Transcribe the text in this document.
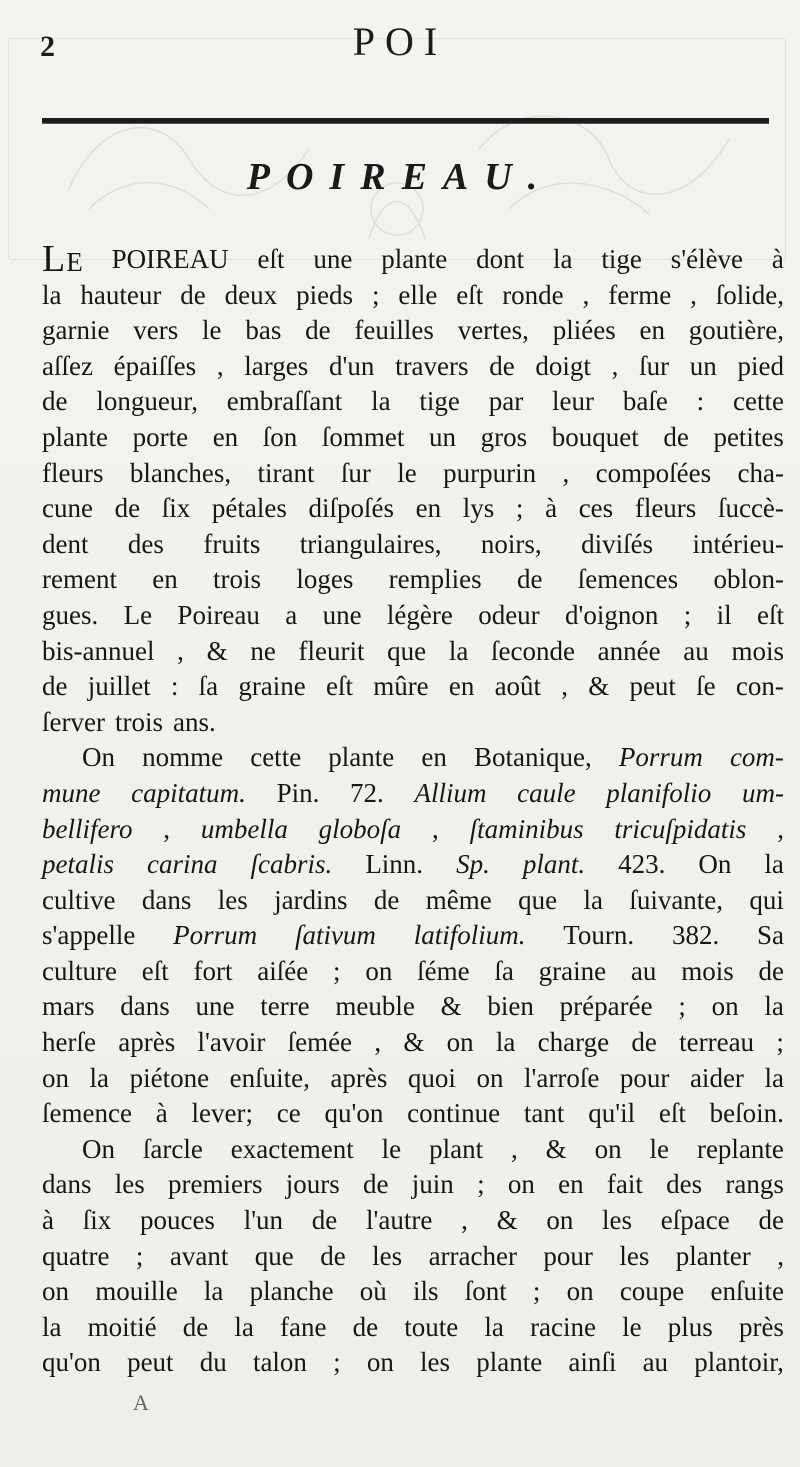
2	POI
POIREAU.
LE POIREAU eſt une plante dont la tige s'élève à
la hauteur de deux pieds ; elle eſt ronde , ferme , ſolide,
garnie vers le bas de feuilles vertes, pliées en goutière,
aſſez épaiſſes , larges d'un travers de doigt , ſur un pied
de longueur, embraſſant la tige par leur baſe : cette
plante porte en ſon ſommet un gros bouquet de petites
fleurs blanches, tirant ſur le purpurin , compoſées cha-
cune de ſix pétales diſpoſés en lys ; à ces fleurs ſuccè-
dent des fruits triangulaires, noirs, diviſés intérieu-
rement en trois loges remplies de ſemences oblon-
gues. Le Poireau a une légère odeur d'oignon ; il eſt
bis-annuel , & ne fleurit que la ſeconde année au mois
de juillet : ſa graine eſt mûre en août , & peut ſe con-
ſerver trois ans.
On nomme cette plante en Botanique, Porrum com-
mune capitatum. Pin. 72. Allium caule planifolio um-
bellifero , umbella globoſa , ſtaminibus tricuſpidatis ,
petalis carina ſcabris. Linn. Sp. plant. 423. On la
cultive dans les jardins de même que la ſuivante, qui
s'appelle Porrum ſativum latifolium. Tourn. 382. Sa
culture eſt fort aiſée ; on ſéme ſa graine au mois de
mars dans une terre meuble & bien préparée ; on la
herſe après l'avoir ſemée , & on la charge de terreau ;
on la piétone enſuite, après quoi on l'arroſe pour aider la
ſemence à lever; ce qu'on continue tant qu'il eſt beſoin.
On ſarcle exactement le plant , & on le replante
dans les premiers jours de juin ; on en fait des rangs
à ſix pouces l'un de l'autre , & on les eſpace de
quatre ; avant que de les arracher pour les planter ,
on mouille la planche où ils ſont ; on coupe enſuite
la moitié de la fane de toute la racine le plus près
qu'on peut du talon ; on les plante ainſi au plantoir,
A
